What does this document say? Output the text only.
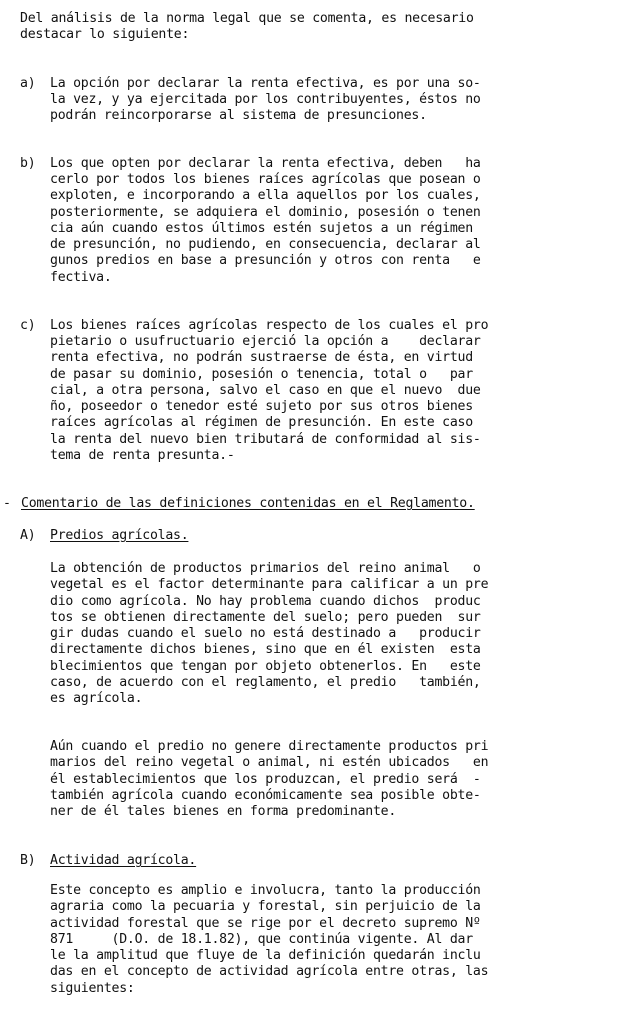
Del análisis de la norma legal que se comenta, es necesario
destacar lo siguiente:
a) La opción por declarar la renta efectiva, es por una so-
la vez, y ya ejercitada por los contribuyentes, éstos no
podrán reincorporarse al sistema de presunciones.
b) Los que opten por declarar la renta efectiva, deben   ha
cerlo por todos los bienes raíces agrícolas que posean o
exploten, e incorporando a ella aquellos por los cuales,
posteriormente, se adquiera el dominio, posesión o tenen
cia aún cuando estos últimos estén sujetos a un régimen
de presunción, no pudiendo, en consecuencia, declarar al
gunos predios en base a presunción y otros con renta   e
fectiva.
c) Los bienes raíces agrícolas respecto de los cuales el pro
pietario o usufructuario ejerció la opción a    declarar
renta efectiva, no podrán sustraerse de ésta, en virtud
de pasar su dominio, posesión o tenencia, total o   par
cial, a otra persona, salvo el caso en que el nuevo  due
ño, poseedor o tenedor esté sujeto por sus otros bienes
raíces agrícolas al régimen de presunción. En este caso
la renta del nuevo bien tributará de conformidad al sis-
tema de renta presunta.-
- Comentario de las definiciones contenidas en el Reglamento.
A) Predios agrícolas.
La obtención de productos primarios del reino animal   o
vegetal es el factor determinante para calificar a un pre
dio como agrícola. No hay problema cuando dichos  produc
tos se obtienen directamente del suelo; pero pueden  sur
gir dudas cuando el suelo no está destinado a   producir
directamente dichos bienes, sino que en él existen  esta
blecimientos que tengan por objeto obtenerlos. En   este
caso, de acuerdo con el reglamento, el predio   también,
es agrícola.
Aún cuando el predio no genere directamente productos pri
marios del reino vegetal o animal, ni estén ubicados   en
él establecimientos que los produzcan, el predio será  -
también agrícola cuando económicamente sea posible obte-
ner de él tales bienes en forma predominante.
B) Actividad agrícola.
Este concepto es amplio e involucra, tanto la producción
agraria como la pecuaria y forestal, sin perjuicio de la
actividad forestal que se rige por el decreto supremo Nº
871     (D.O. de 18.1.82), que continúa vigente. Al dar
le la amplitud que fluye de la definición quedarán inclu
das en el concepto de actividad agrícola entre otras, las
siguientes:
